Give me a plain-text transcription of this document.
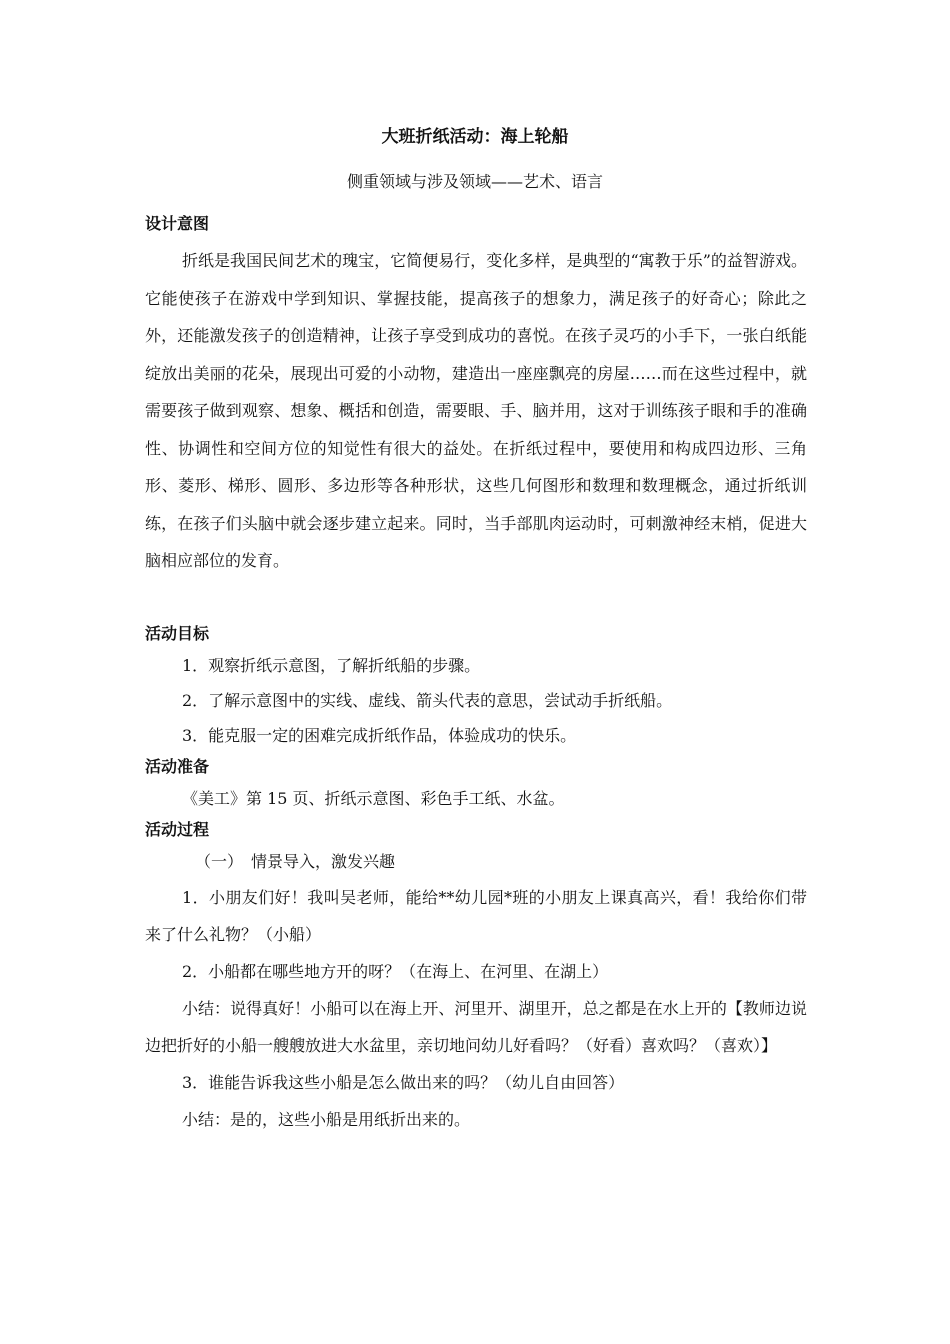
大班折纸活动：海上轮船
侧重领域与涉及领域——艺术、语言
设计意图

折纸是我国民间艺术的瑰宝，它简便易行，变化多样，是典型的“寓教于乐”的益智游戏。它能使孩子在游戏中学到知识、掌握技能，提高孩子的想象力，满足孩子的好奇心；除此之外，还能激发孩子的创造精神，让孩子享受到成功的喜悦。在孩子灵巧的小手下，一张白纸能绽放出美丽的花朵，展现出可爱的小动物，建造出一座座飘亮的房屋……而在这些过程中，就需要孩子做到观察、想象、概括和创造，需要眼、手、脑并用，这对于训练孩子眼和手的准确性、协调性和空间方位的知觉性有很大的益处。在折纸过程中，要使用和构成四边形、三角形、菱形、梯形、圆形、多边形等各种形状，这些几何图形和数理和数理概念，通过折纸训练，在孩子们头脑中就会逐步建立起来。同时，当手部肌肉运动时，可刺激神经末梢，促进大脑相应部位的发育。

活动目标

1．观察折纸示意图，了解折纸船的步骤。

2．了解示意图中的实线、虚线、箭头代表的意思，尝试动手折纸船。

3．能克服一定的困难完成折纸作品，体验成功的快乐。

活动准备

《美工》第 15 页、折纸示意图、彩色手工纸、水盆。

活动过程

（一）　情景导入，激发兴趣

1．小朋友们好！我叫吴老师，能给**幼儿园*班的小朋友上课真高兴，看！我给你们带来了什么礼物？（小船）

2．小船都在哪些地方开的呀？（在海上、在河里、在湖上）

小结：说得真好！小船可以在海上开、河里开、湖里开，总之都是在水上开的【教师边说边把折好的小船一艘艘放进大水盆里，亲切地问幼儿好看吗？（好看）喜欢吗？（喜欢）】

3．谁能告诉我这些小船是怎么做出来的吗？（幼儿自由回答）

小结：是的，这些小船是用纸折出来的。
